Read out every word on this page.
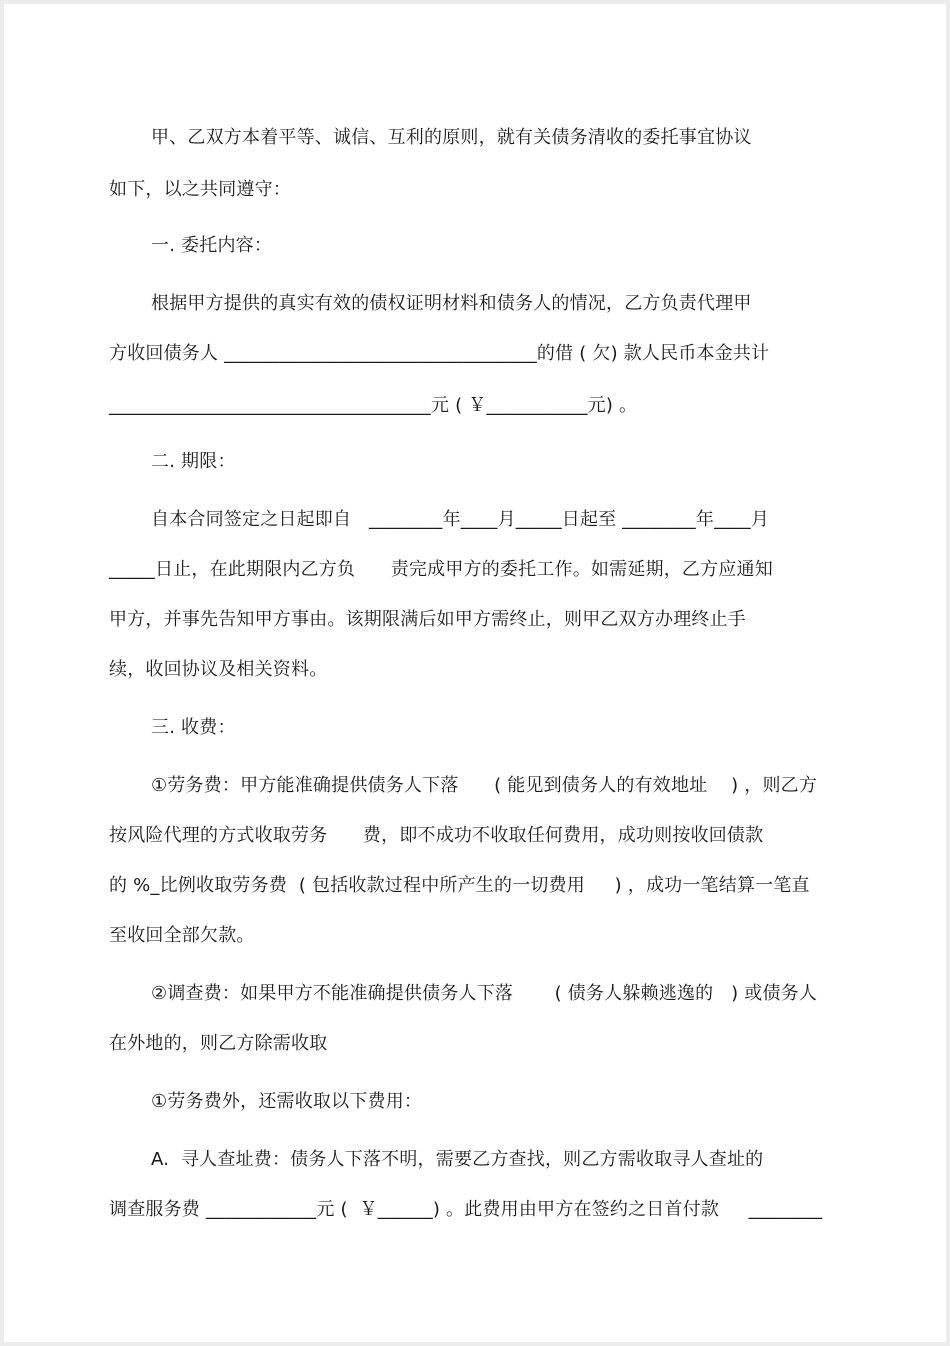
甲、乙双方本着平等、诚信、互利的原则，就有关债务清收的委托事宜协议
如下，以之共同遵守：
一. 委托内容：
根据甲方提供的真实有效的债权证明材料和债务人的情况，乙方负责代理甲
方收回债务人 __________________________________的借 ( 欠) 款人民币本金共计
___________________________________元 ( ￥___________元) 。
二. 期限：
自本合同签定之日起即自   ________年____月_____日起至 ________年____月
_____日止，在此期限内乙方负      责完成甲方的委托工作。如需延期，乙方应通知
甲方，并事先告知甲方事由。该期限满后如甲方需终止，则甲乙双方办理终止手
续，收回协议及相关资料。
三. 收费：
①劳务费：甲方能准确提供债务人下落      ( 能见到债务人的有效地址    ) ，则乙方
按风险代理的方式收取劳务      费，即不成功不收取任何费用，成功则按收回债款
的 %_比例收取劳务费  ( 包括收款过程中所产生的一切费用     ) ，成功一笔结算一笔直
至收回全部欠款。
②调查费：如果甲方不能准确提供债务人下落       ( 债务人躲赖逃逸的   ) 或债务人
在外地的，则乙方除需收取
①劳务费外，还需收取以下费用：
A.  寻人查址费：债务人下落不明，需要乙方查找，则乙方需收取寻人查址的
调查服务费 ____________元 (  ￥______) 。此费用由甲方在签约之日首付款     ________
